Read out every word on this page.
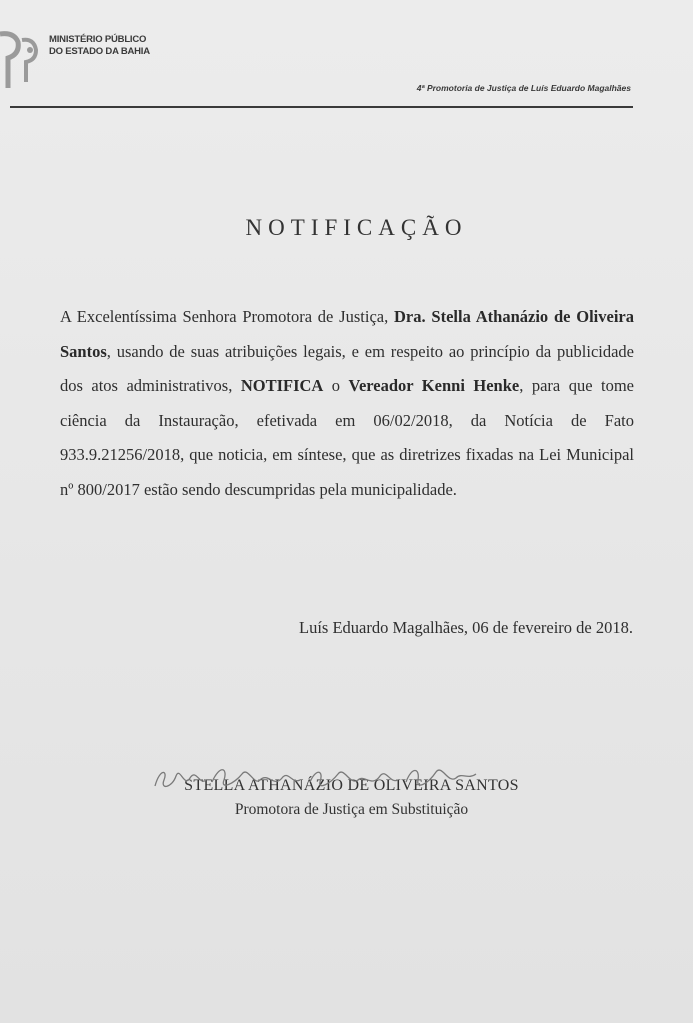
MINISTÉRIO PÚBLICO
DO ESTADO DA BAHIA
4ª Promotoria de Justiça de Luís Eduardo Magalhães
NOTIFICAÇÃO
A Excelentíssima Senhora Promotora de Justiça, Dra. Stella Athanázio de Oliveira Santos, usando de suas atribuições legais, e em respeito ao princípio da publicidade dos atos administrativos, NOTIFICA o Vereador Kenni Henke, para que tome ciência da Instauração, efetivada em 06/02/2018, da Notícia de Fato 933.9.21256/2018, que noticia, em síntese, que as diretrizes fixadas na Lei Municipal nº 800/2017 estão sendo descumpridas pela municipalidade.
Luís Eduardo Magalhães, 06 de fevereiro de 2018.
STELLA ATHANÁZIO DE OLIVEIRA SANTOS
Promotora de Justiça em Substituição
